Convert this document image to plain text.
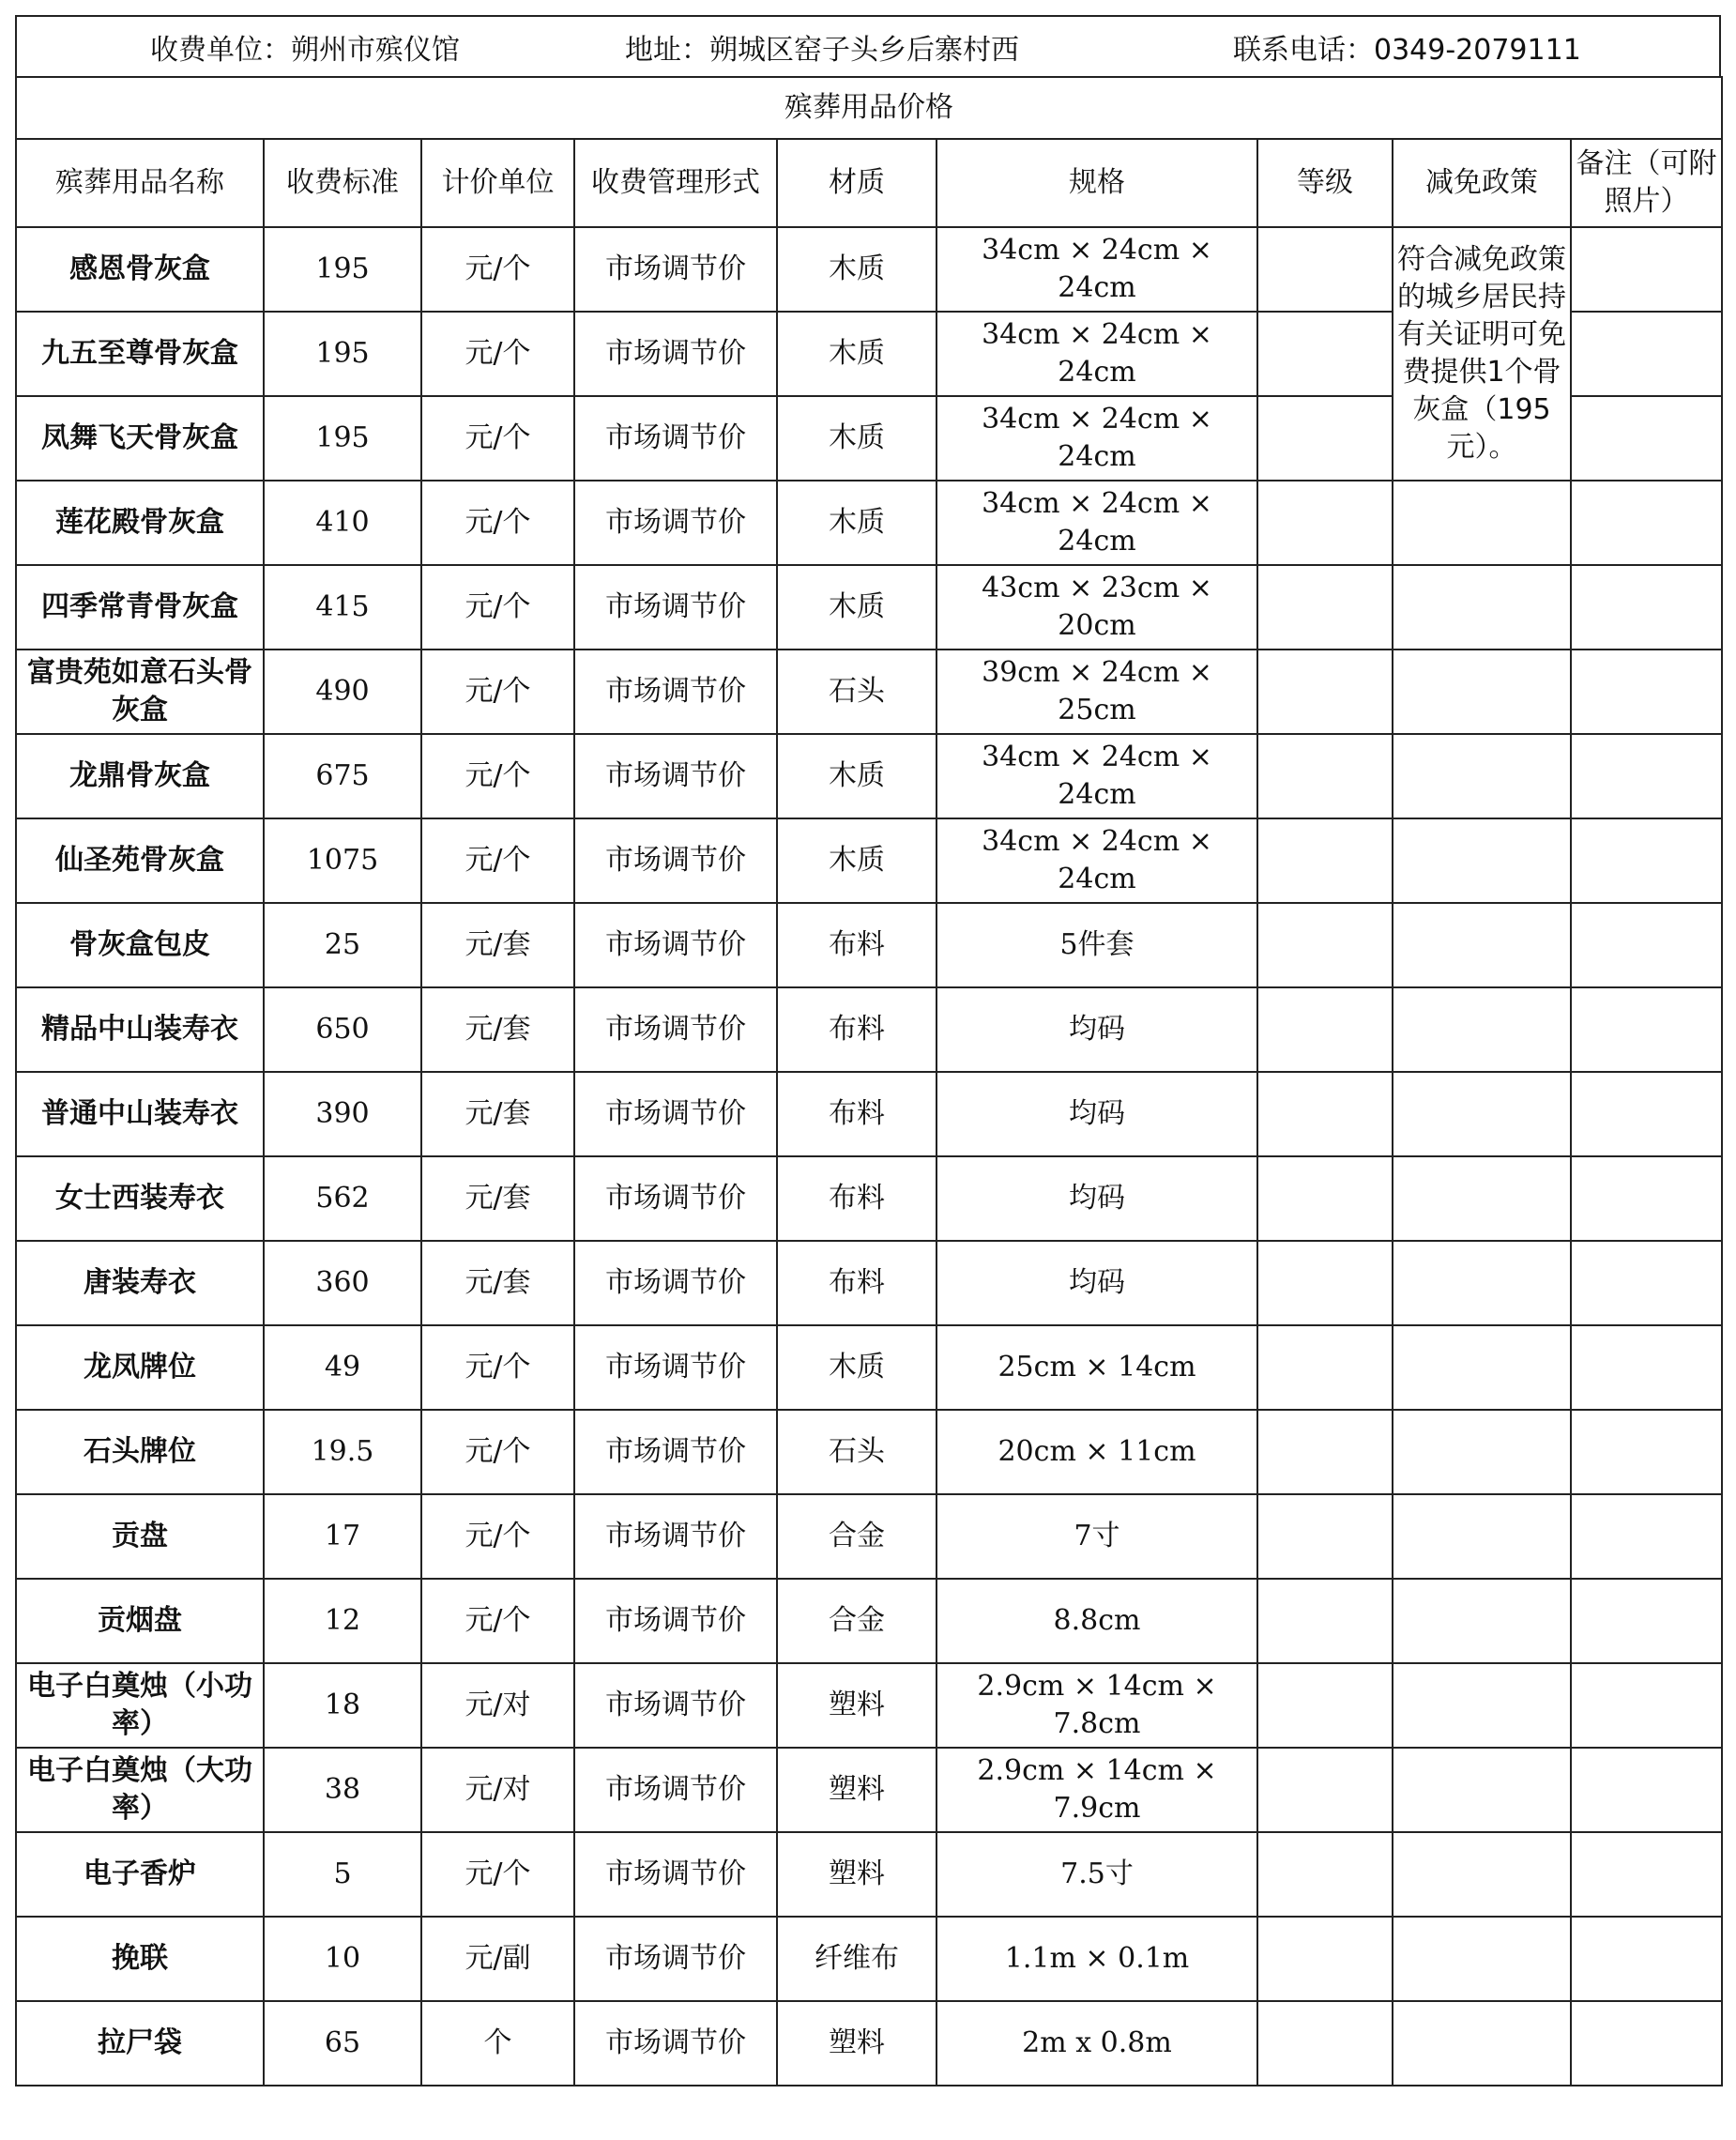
收费单位：朔州市殡仪馆	地址：朔城区窑子头乡后寨村西	联系电话：0349-2079111
殡葬用品价格								
殡葬用品名称	收费标准	计价单位	收费管理形式	材质	规格	等级	减免政策	备注（可附照片）
感恩骨灰盒	195	元/个	市场调节价	木质	34cm × 24cm × 24cm		符合减免政策的城乡居民持有关证明可免费提供1个骨灰盒（195元）。	
九五至尊骨灰盒	195	元/个	市场调节价	木质	34cm × 24cm × 24cm			
凤舞飞天骨灰盒	195	元/个	市场调节价	木质	34cm × 24cm × 24cm			
莲花殿骨灰盒	410	元/个	市场调节价	木质	34cm × 24cm × 24cm			
四季常青骨灰盒	415	元/个	市场调节价	木质	43cm × 23cm × 20cm			
富贵苑如意石头骨灰盒	490	元/个	市场调节价	石头	39cm × 24cm × 25cm			
龙鼎骨灰盒	675	元/个	市场调节价	木质	34cm × 24cm × 24cm			
仙圣苑骨灰盒	1075	元/个	市场调节价	木质	34cm × 24cm × 24cm			
骨灰盒包皮	25	元/套	市场调节价	布料	5件套			
精品中山装寿衣	650	元/套	市场调节价	布料	均码			
普通中山装寿衣	390	元/套	市场调节价	布料	均码			
女士西装寿衣	562	元/套	市场调节价	布料	均码			
唐装寿衣	360	元/套	市场调节价	布料	均码			
龙凤牌位	49	元/个	市场调节价	木质	25cm × 14cm			
石头牌位	19.5	元/个	市场调节价	石头	20cm × 11cm			
贡盘	17	元/个	市场调节价	合金	7寸			
贡烟盘	12	元/个	市场调节价	合金	8.8cm			
电子白奠烛（小功率）	18	元/对	市场调节价	塑料	2.9cm × 14cm × 7.8cm			
电子白奠烛（大功率）	38	元/对	市场调节价	塑料	2.9cm × 14cm × 7.9cm			
电子香炉	5	元/个	市场调节价	塑料	7.5寸			
挽联	10	元/副	市场调节价	纤维布	1.1m × 0.1m			
拉尸袋	65	个	市场调节价	塑料	2m x 0.8m			
